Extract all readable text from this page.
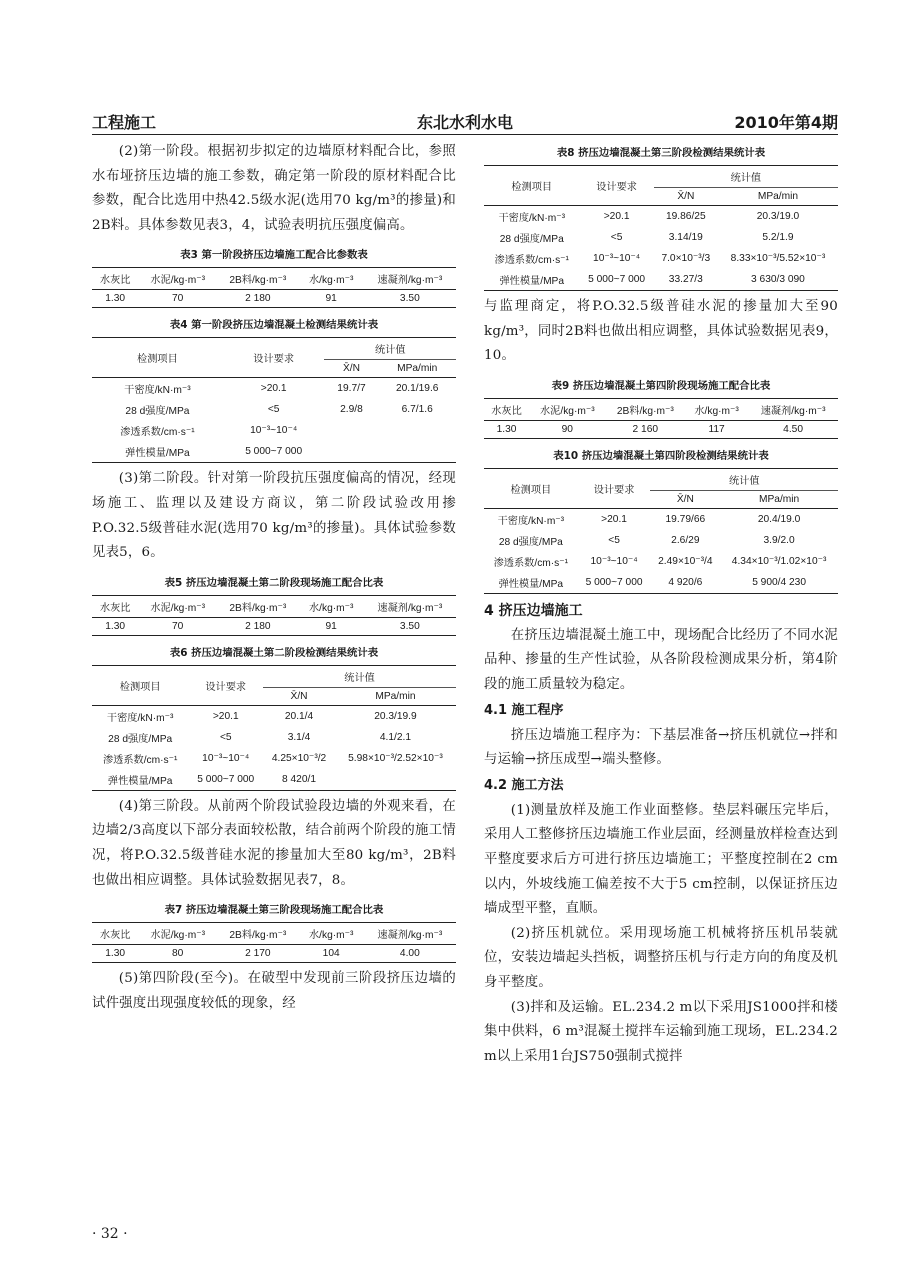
东北水利水电
工程施工	2010年第4期

(2)第一阶段。根据初步拟定的边墙原材料配合比，参照水布垭挤压边墙的施工参数，确定第一阶段的原材料配合比参数，配合比选用中热42.5级水泥(选用70 kg/m³的掺量)和2B料。具体参数见表3，4，试验表明抗压强度偏高。

表3 第一阶段挤压边墙施工配合比参数表
水灰比	水泥/kg·m⁻³	2B料/kg·m⁻³	水/kg·m⁻³	速凝剂/kg·m⁻³
1.30	70	2 180	91	3.50
表4 第一阶段挤压边墙混凝土检测结果统计表
检测项目	设计要求	统计值	
		X̄/N	MPa/min
干密度/kN·m⁻³	>20.1	19.7/7	20.1/19.6
28 d强度/MPa	<5	2.9/8	6.7/1.6
渗透系数/cm·s⁻¹	10⁻³~10⁻⁴		
弹性模量/MPa	5 000~7 000		

(3)第二阶段。针对第一阶段抗压强度偏高的情况，经现场施工、监理以及建设方商议，第二阶段试验改用掺P.O.32.5级普硅水泥(选用70 kg/m³的掺量)。具体试验参数见表5，6。

表5 挤压边墙混凝土第二阶段现场施工配合比表
水灰比	水泥/kg·m⁻³	2B料/kg·m⁻³	水/kg·m⁻³	速凝剂/kg·m⁻³
1.30	70	2 180	91	3.50
表6 挤压边墙混凝土第二阶段检测结果统计表
检测项目	设计要求	统计值	
		X̄/N	MPa/min
干密度/kN·m⁻³	>20.1	20.1/4	20.3/19.9
28 d强度/MPa	<5	3.1/4	4.1/2.1
渗透系数/cm·s⁻¹	10⁻³~10⁻⁴	4.25×10⁻³/2	5.98×10⁻³/2.52×10⁻³
弹性模量/MPa	5 000~7 000	8 420/1	

(4)第三阶段。从前两个阶段试验段边墙的外观来看，在边墙2/3高度以下部分表面较松散，结合前两个阶段的施工情况，将P.O.32.5级普硅水泥的掺量加大至80 kg/m³，2B料也做出相应调整。具体试验数据见表7，8。

表7 挤压边墙混凝土第三阶段现场施工配合比表
水灰比	水泥/kg·m⁻³	2B料/kg·m⁻³	水/kg·m⁻³	速凝剂/kg·m⁻³
1.30	80	2 170	104	4.00

(5)第四阶段(至今)。在破型中发现前三阶段挤压边墙的试件强度出现强度较低的现象，经

表8 挤压边墙混凝土第三阶段检测结果统计表
检测项目	设计要求	统计值	
		X̄/N	MPa/min
干密度/kN·m⁻³	>20.1	19.86/25	20.3/19.0
28 d强度/MPa	<5	3.14/19	5.2/1.9
渗透系数/cm·s⁻¹	10⁻³~10⁻⁴	7.0×10⁻³/3	8.33×10⁻³/5.52×10⁻³
弹性模量/MPa	5 000~7 000	33.27/3	3 630/3 090

与监理商定，将P.O.32.5级普硅水泥的掺量加大至90 kg/m³，同时2B料也做出相应调整，具体试验数据见表9，10。

表9 挤压边墙混凝土第四阶段现场施工配合比表
水灰比	水泥/kg·m⁻³	2B料/kg·m⁻³	水/kg·m⁻³	速凝剂/kg·m⁻³
1.30	90	2 160	117	4.50
表10 挤压边墙混凝土第四阶段检测结果统计表
检测项目	设计要求	统计值	
		X̄/N	MPa/min
干密度/kN·m⁻³	>20.1	19.79/66	20.4/19.0
28 d强度/MPa	<5	2.6/29	3.9/2.0
渗透系数/cm·s⁻¹	10⁻³~10⁻⁴	2.49×10⁻³/4	4.34×10⁻³/1.02×10⁻³
弹性模量/MPa	5 000~7 000	4 920/6	5 900/4 230
4 挤压边墙施工

在挤压边墙混凝土施工中，现场配合比经历了不同水泥品种、掺量的生产性试验，从各阶段检测成果分析，第4阶段的施工质量较为稳定。

4.1 施工程序

挤压边墙施工程序为：下基层准备→挤压机就位→拌和与运输→挤压成型→端头整修。

4.2 施工方法

(1)测量放样及施工作业面整修。垫层料碾压完毕后，采用人工整修挤压边墙施工作业层面，经测量放样检查达到平整度要求后方可进行挤压边墙施工；平整度控制在2 cm以内，外坡线施工偏差按不大于5 cm控制，以保证挤压边墙成型平整，直顺。

(2)挤压机就位。采用现场施工机械将挤压机吊装就位，安装边墙起头挡板，调整挤压机与行走方向的角度及机身平整度。

(3)拌和及运输。EL.234.2 m以下采用JS1000拌和楼集中供料，6 m³混凝土搅拌车运输到施工现场，EL.234.2 m以上采用1台JS750强制式搅拌

· 32 ·
